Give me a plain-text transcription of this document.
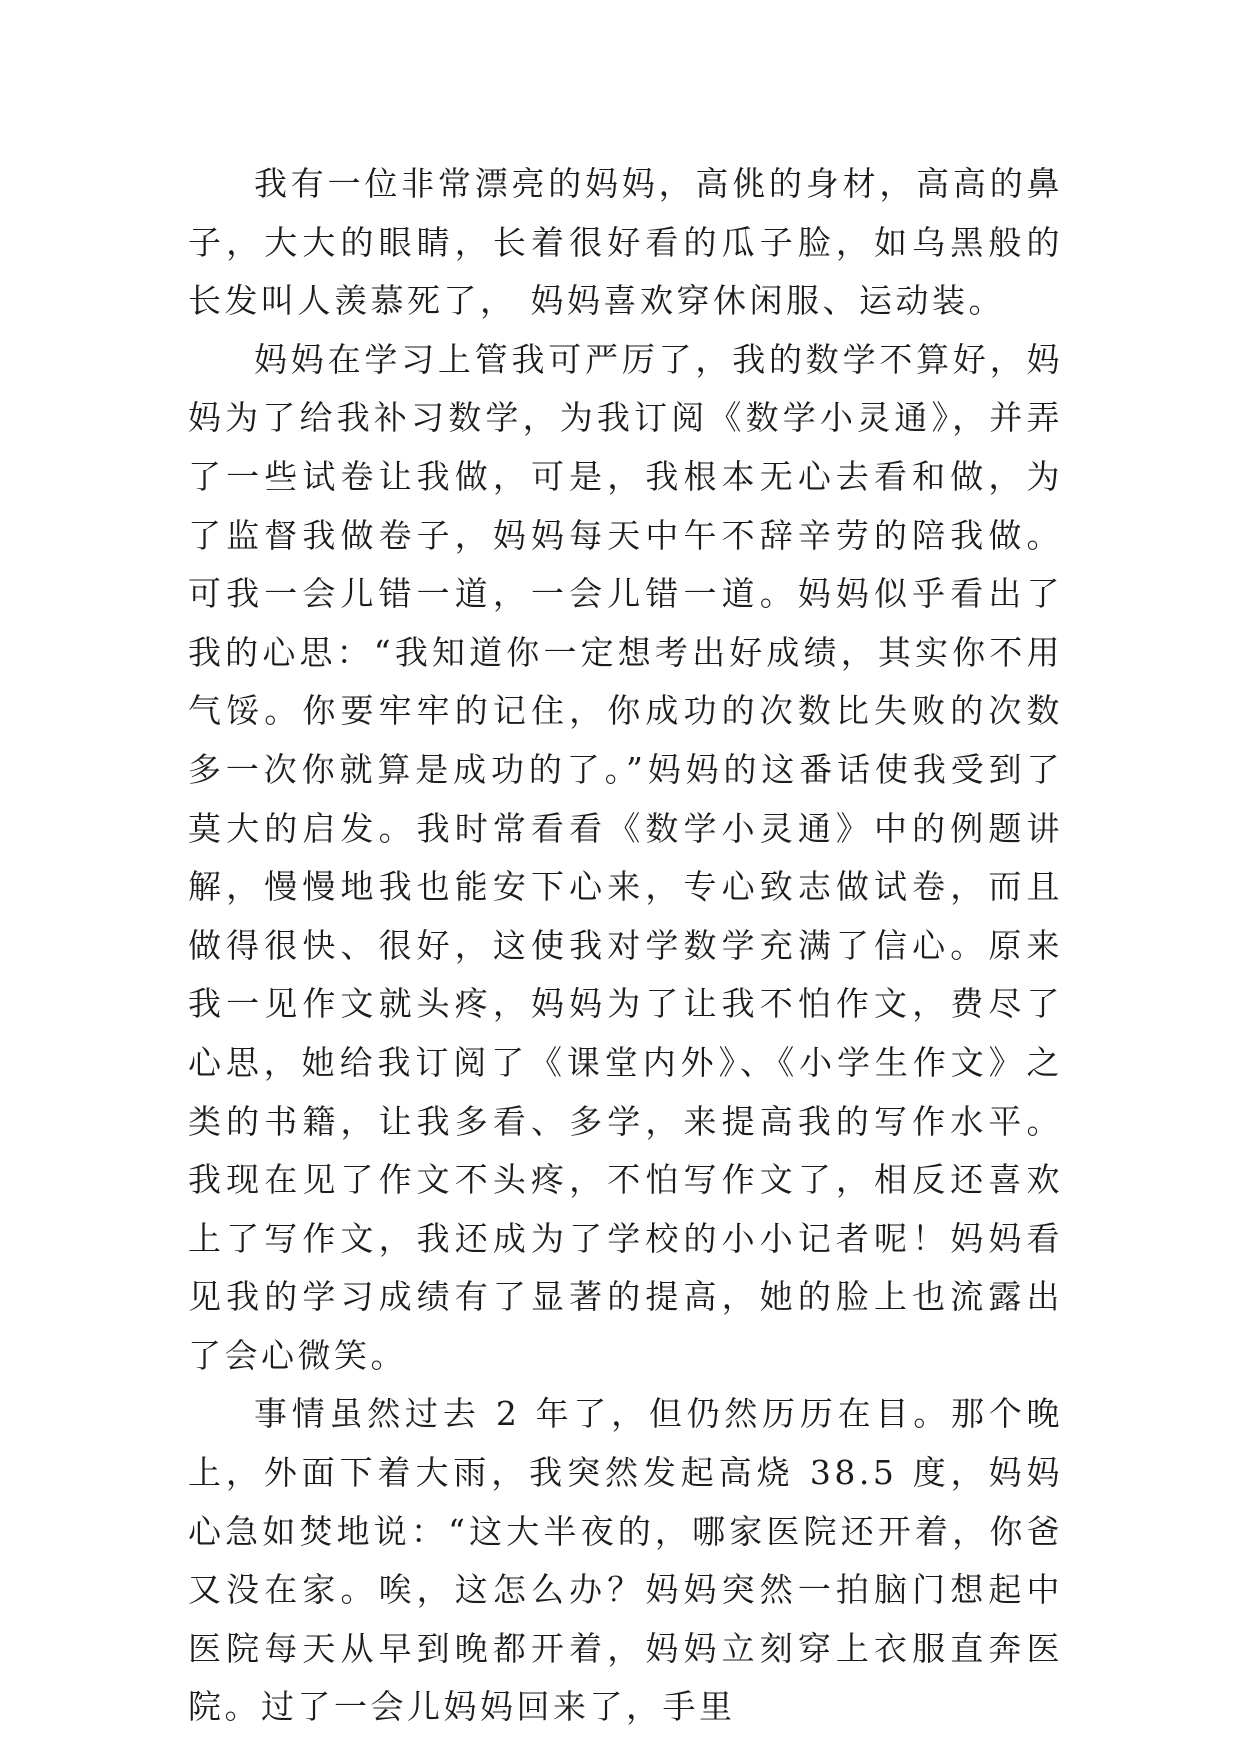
我有一位非常漂亮的妈妈，高佻的身材，高高的鼻子，大大的眼睛，长着很好看的瓜子脸，如乌黑般的长发叫人羡慕死了， 妈妈喜欢穿休闲服、运动装。

妈妈在学习上管我可严厉了，我的数学不算好，妈妈为了给我补习数学，为我订阅《数学小灵通》，并弄了一些试卷让我做，可是，我根本无心去看和做，为了监督我做卷子，妈妈每天中午不辞辛劳的陪我做。可我一会儿错一道，一会儿错一道。妈妈似乎看出了我的心思：“我知道你一定想考出好成绩，其实你不用气馁。你要牢牢的记住，你成功的次数比失败的次数多一次你就算是成功的了。”妈妈的这番话使我受到了莫大的启发。我时常看看《数学小灵通》中的例题讲解，慢慢地我也能安下心来，专心致志做试卷，而且做得很快、很好，这使我对学数学充满了信心。原来我一见作文就头疼，妈妈为了让我不怕作文，费尽了心思，她给我订阅了《课堂内外》、《小学生作文》之类的书籍，让我多看、多学，来提高我的写作水平。我现在见了作文不头疼，不怕写作文了，相反还喜欢上了写作文，我还成为了学校的小小记者呢！妈妈看见我的学习成绩有了显著的提高，她的脸上也流露出了会心微笑。

事情虽然过去 2 年了，但仍然历历在目。那个晚上，外面下着大雨，我突然发起高烧 38.5 度，妈妈心急如焚地说：“这大半夜的，哪家医院还开着，你爸又没在家。唉，这怎么办？妈妈突然一拍脑门想起中医院每天从早到晚都开着，妈妈立刻穿上衣服直奔医院。过了一会儿妈妈回来了，手里
